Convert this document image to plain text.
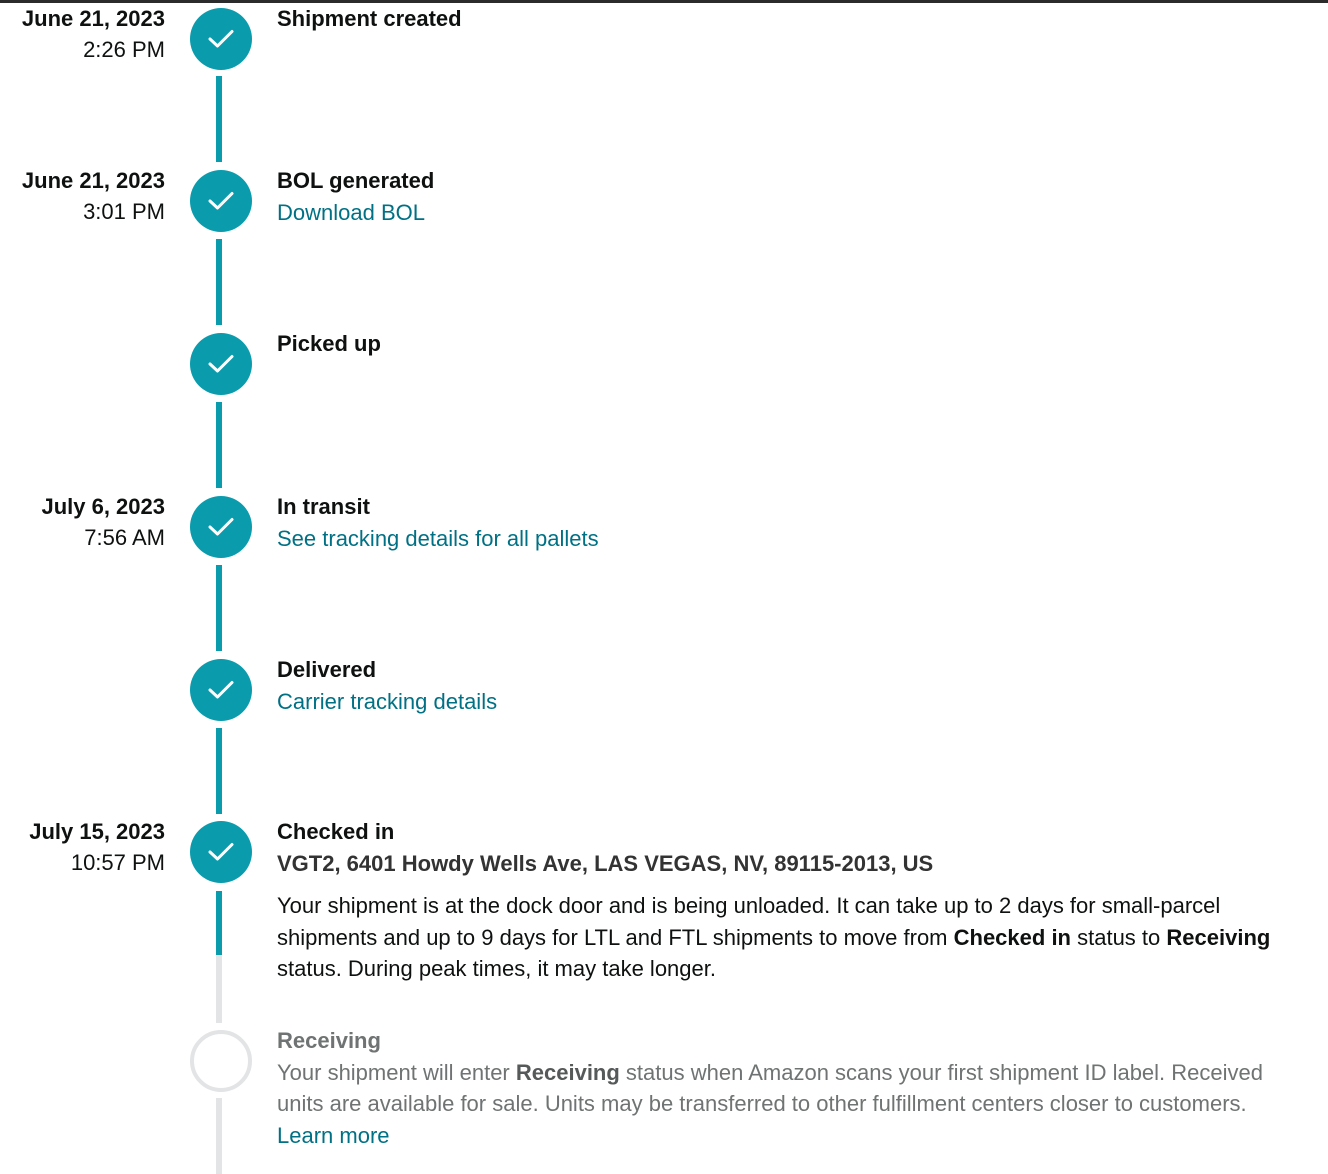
June 21, 2023
2:26 PM
Shipment created
June 21, 2023
3:01 PM
BOL generated
Download BOL
Picked up
July 6, 2023
7:56 AM
In transit
See tracking details for all pallets
Delivered
Carrier tracking details
July 15, 2023
10:57 PM
Checked in
VGT2, 6401 Howdy Wells Ave, LAS VEGAS, NV, 89115-2013, US

Your shipment is at the dock door and is being unloaded. It can take up to 2 days for small-parcel shipments and up to 9 days for LTL and FTL shipments to move from Checked in status to Receiving status. During peak times, it may take longer.

Receiving
Your shipment will enter Receiving status when Amazon scans your first shipment ID label. Received units are available for sale. Units may be transferred to other fulfillment centers closer to customers. Learn more
